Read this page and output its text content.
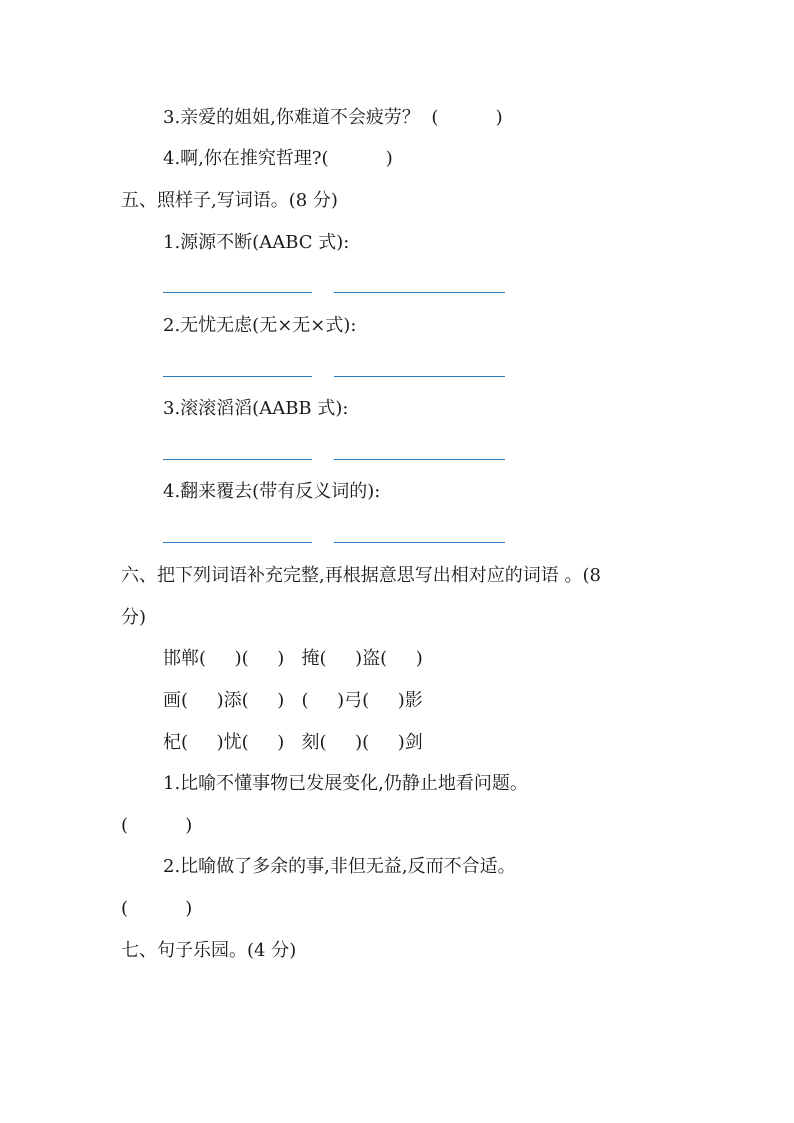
3.亲爱的姐姐,你难道不会疲劳？  (          )
4.啊,你在推究哲理?(          )
五、照样子,写词语。(8 分)
1.源源不断(AABC 式):
2.无忧无虑(无×无×式):
3.滚滚滔滔(AABB 式):
4.翻来覆去(带有反义词的):
六、把下列词语补充完整,再根据意思写出相对应的词语 。(8
分)
邯郸(     )(     )   掩(     )盗(     )
画(     )添(     )   (     )弓(     )影
杞(     )忧(     )   刻(     )(     )剑
1.比喻不懂事物已发展变化,仍静止地看问题。
(          )
2.比喻做了多余的事,非但无益,反而不合适。
(          )
七、句子乐园。(4 分)
